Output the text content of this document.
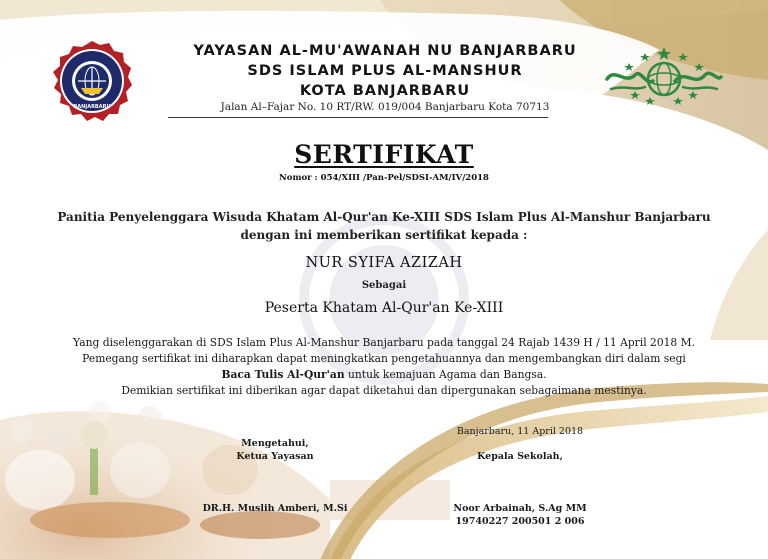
BANJARBARU
YAYASAN AL-MU'AWANAH NU BANJARBARU
SDS ISLAM PLUS AL-MANSHUR
KOTA BANJARBARU
Jalan Al–Fajar No. 10 RT/RW. 019/004 Banjarbaru Kota 70713
SERTIFIKAT
Nomor : 054/XIII /Pan-Pel/SDSI-AM/IV/2018
Panitia Penyelenggara Wisuda Khatam Al-Qur'an Ke-XIII SDS Islam Plus Al-Manshur Banjarbaru
dengan ini memberikan sertifikat kepada :
NUR SYIFA AZIZAH
Sebagai
Peserta Khatam Al-Qur'an Ke-XIII
Yang diselenggarakan di SDS Islam Plus Al-Manshur Banjarbaru pada tanggal 24 Rajab 1439 H / 11 April 2018 M.
Pemegang sertifikat ini diharapkan dapat meningkatkan pengetahuannya dan mengembangkan diri dalam segi
Baca Tulis Al-Qur'an untuk kemajuan Agama dan Bangsa.
Demikian sertifikat ini diberikan agar dapat diketahui dan dipergunakan sebagaimana mestinya.
Banjarbaru, 11 April 2018
Mengetahui,
Ketua Yayasan
DR.H. Muslih Amberi, M.Si
Kepala Sekolah,
Noor Arbainah, S.Ag MM
19740227 200501 2 006
